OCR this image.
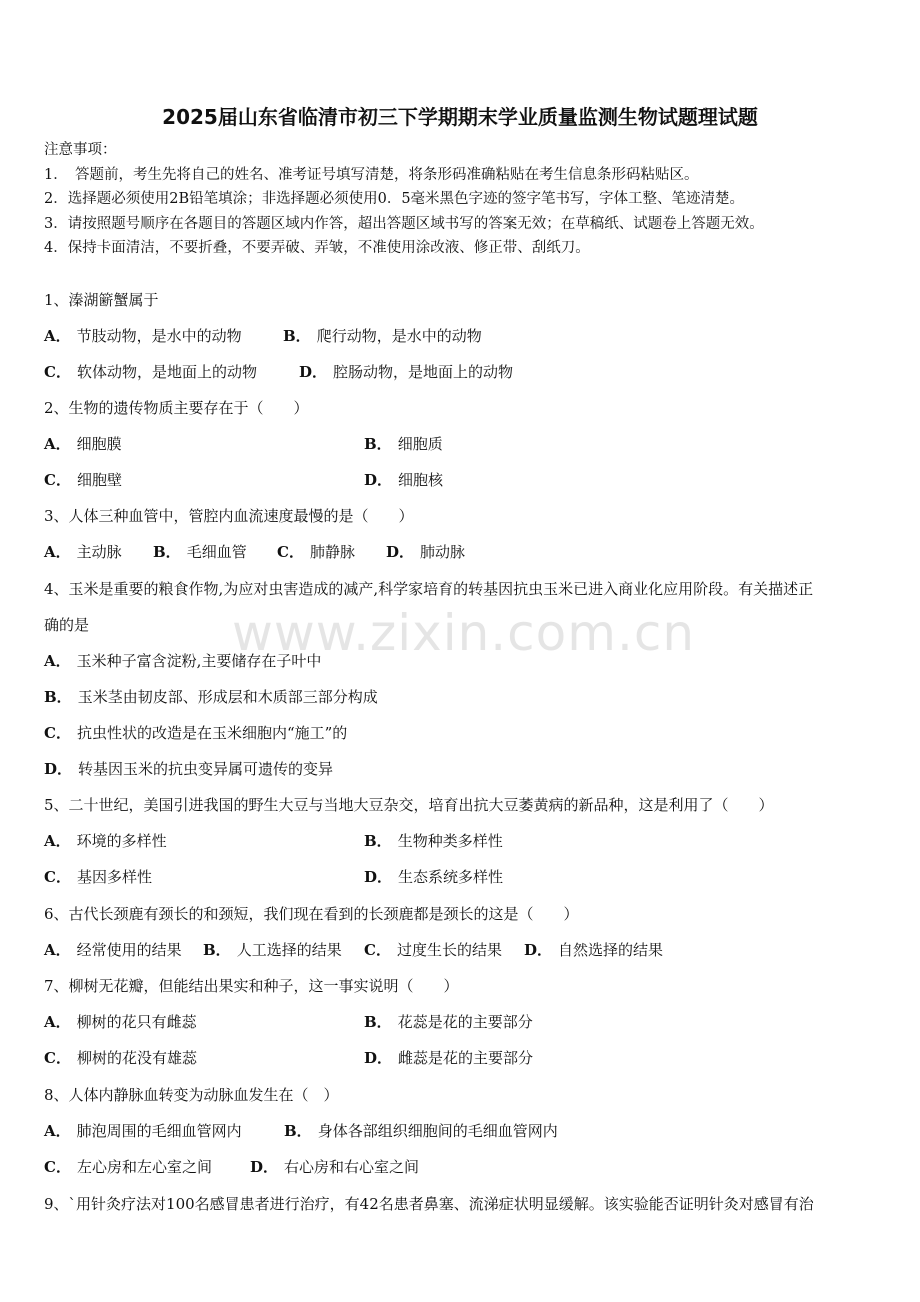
2025届山东省临清市初三下学期期末学业质量监测生物试题理试题
注意事项：
1．　答题前，考生先将自己的姓名、准考证号填写清楚，将条形码准确粘贴在考生信息条形码粘贴区。
2．选择题必须使用2B铅笔填涂；非选择题必须使用0．5毫米黑色字迹的签字笔书写，字体工整、笔迹清楚。
3．请按照题号顺序在各题目的答题区域内作答，超出答题区域书写的答案无效；在草稿纸、试题卷上答题无效。
4．保持卡面清洁，不要折叠，不要弄破、弄皱，不准使用涂改液、修正带、刮纸刀。
1、溱湖簖蟹属于
A． 节肢动物，是水中的动物	B． 爬行动物，是水中的动物
C． 软体动物，是地面上的动物	D． 腔肠动物，是地面上的动物
2、生物的遗传物质主要存在于（　　）
A． 细胞膜	B． 细胞质
C． 细胞壁	D． 细胞核
3、人体三种血管中，管腔内血流速度最慢的是（　　）
A． 主动脉 B． 毛细血管 C． 肺静脉 D． 肺动脉
4、玉米是重要的粮食作物,为应对虫害造成的减产,科学家培育的转基因抗虫玉米已进入商业化应用阶段。有关描述正
确的是
A． 玉米种子富含淀粉,主要储存在子叶中
B． 玉米茎由韧皮部、形成层和木质部三部分构成
C． 抗虫性状的改造是在玉米细胞内“施工”的
D． 转基因玉米的抗虫变异属可遗传的变异
5、二十世纪，美国引进我国的野生大豆与当地大豆杂交，培育出抗大豆萎黄病的新品种，这是利用了（　　）
A． 环境的多样性	B． 生物种类多样性
C． 基因多样性	D． 生态系统多样性
6、古代长颈鹿有颈长的和颈短，我们现在看到的长颈鹿都是颈长的这是（　　）
A． 经常使用的结果 B． 人工选择的结果 C． 过度生长的结果 D． 自然选择的结果
7、柳树无花瓣，但能结出果实和种子，这一事实说明（　　）
A． 柳树的花只有雌蕊	B． 花蕊是花的主要部分
C． 柳树的花没有雄蕊	D． 雌蕊是花的主要部分
8、人体内静脉血转变为动脉血发生在（　）
A． 肺泡周围的毛细血管网内	B． 身体各部组织细胞间的毛细血管网内
C． 左心房和左心室之间	D． 右心房和右心室之间
9、`用针灸疗法对100名感冒患者进行治疗，有42名患者鼻塞、流涕症状明显缓解。该实验能否证明针灸对感冒有治
www.zixin.com.cn
